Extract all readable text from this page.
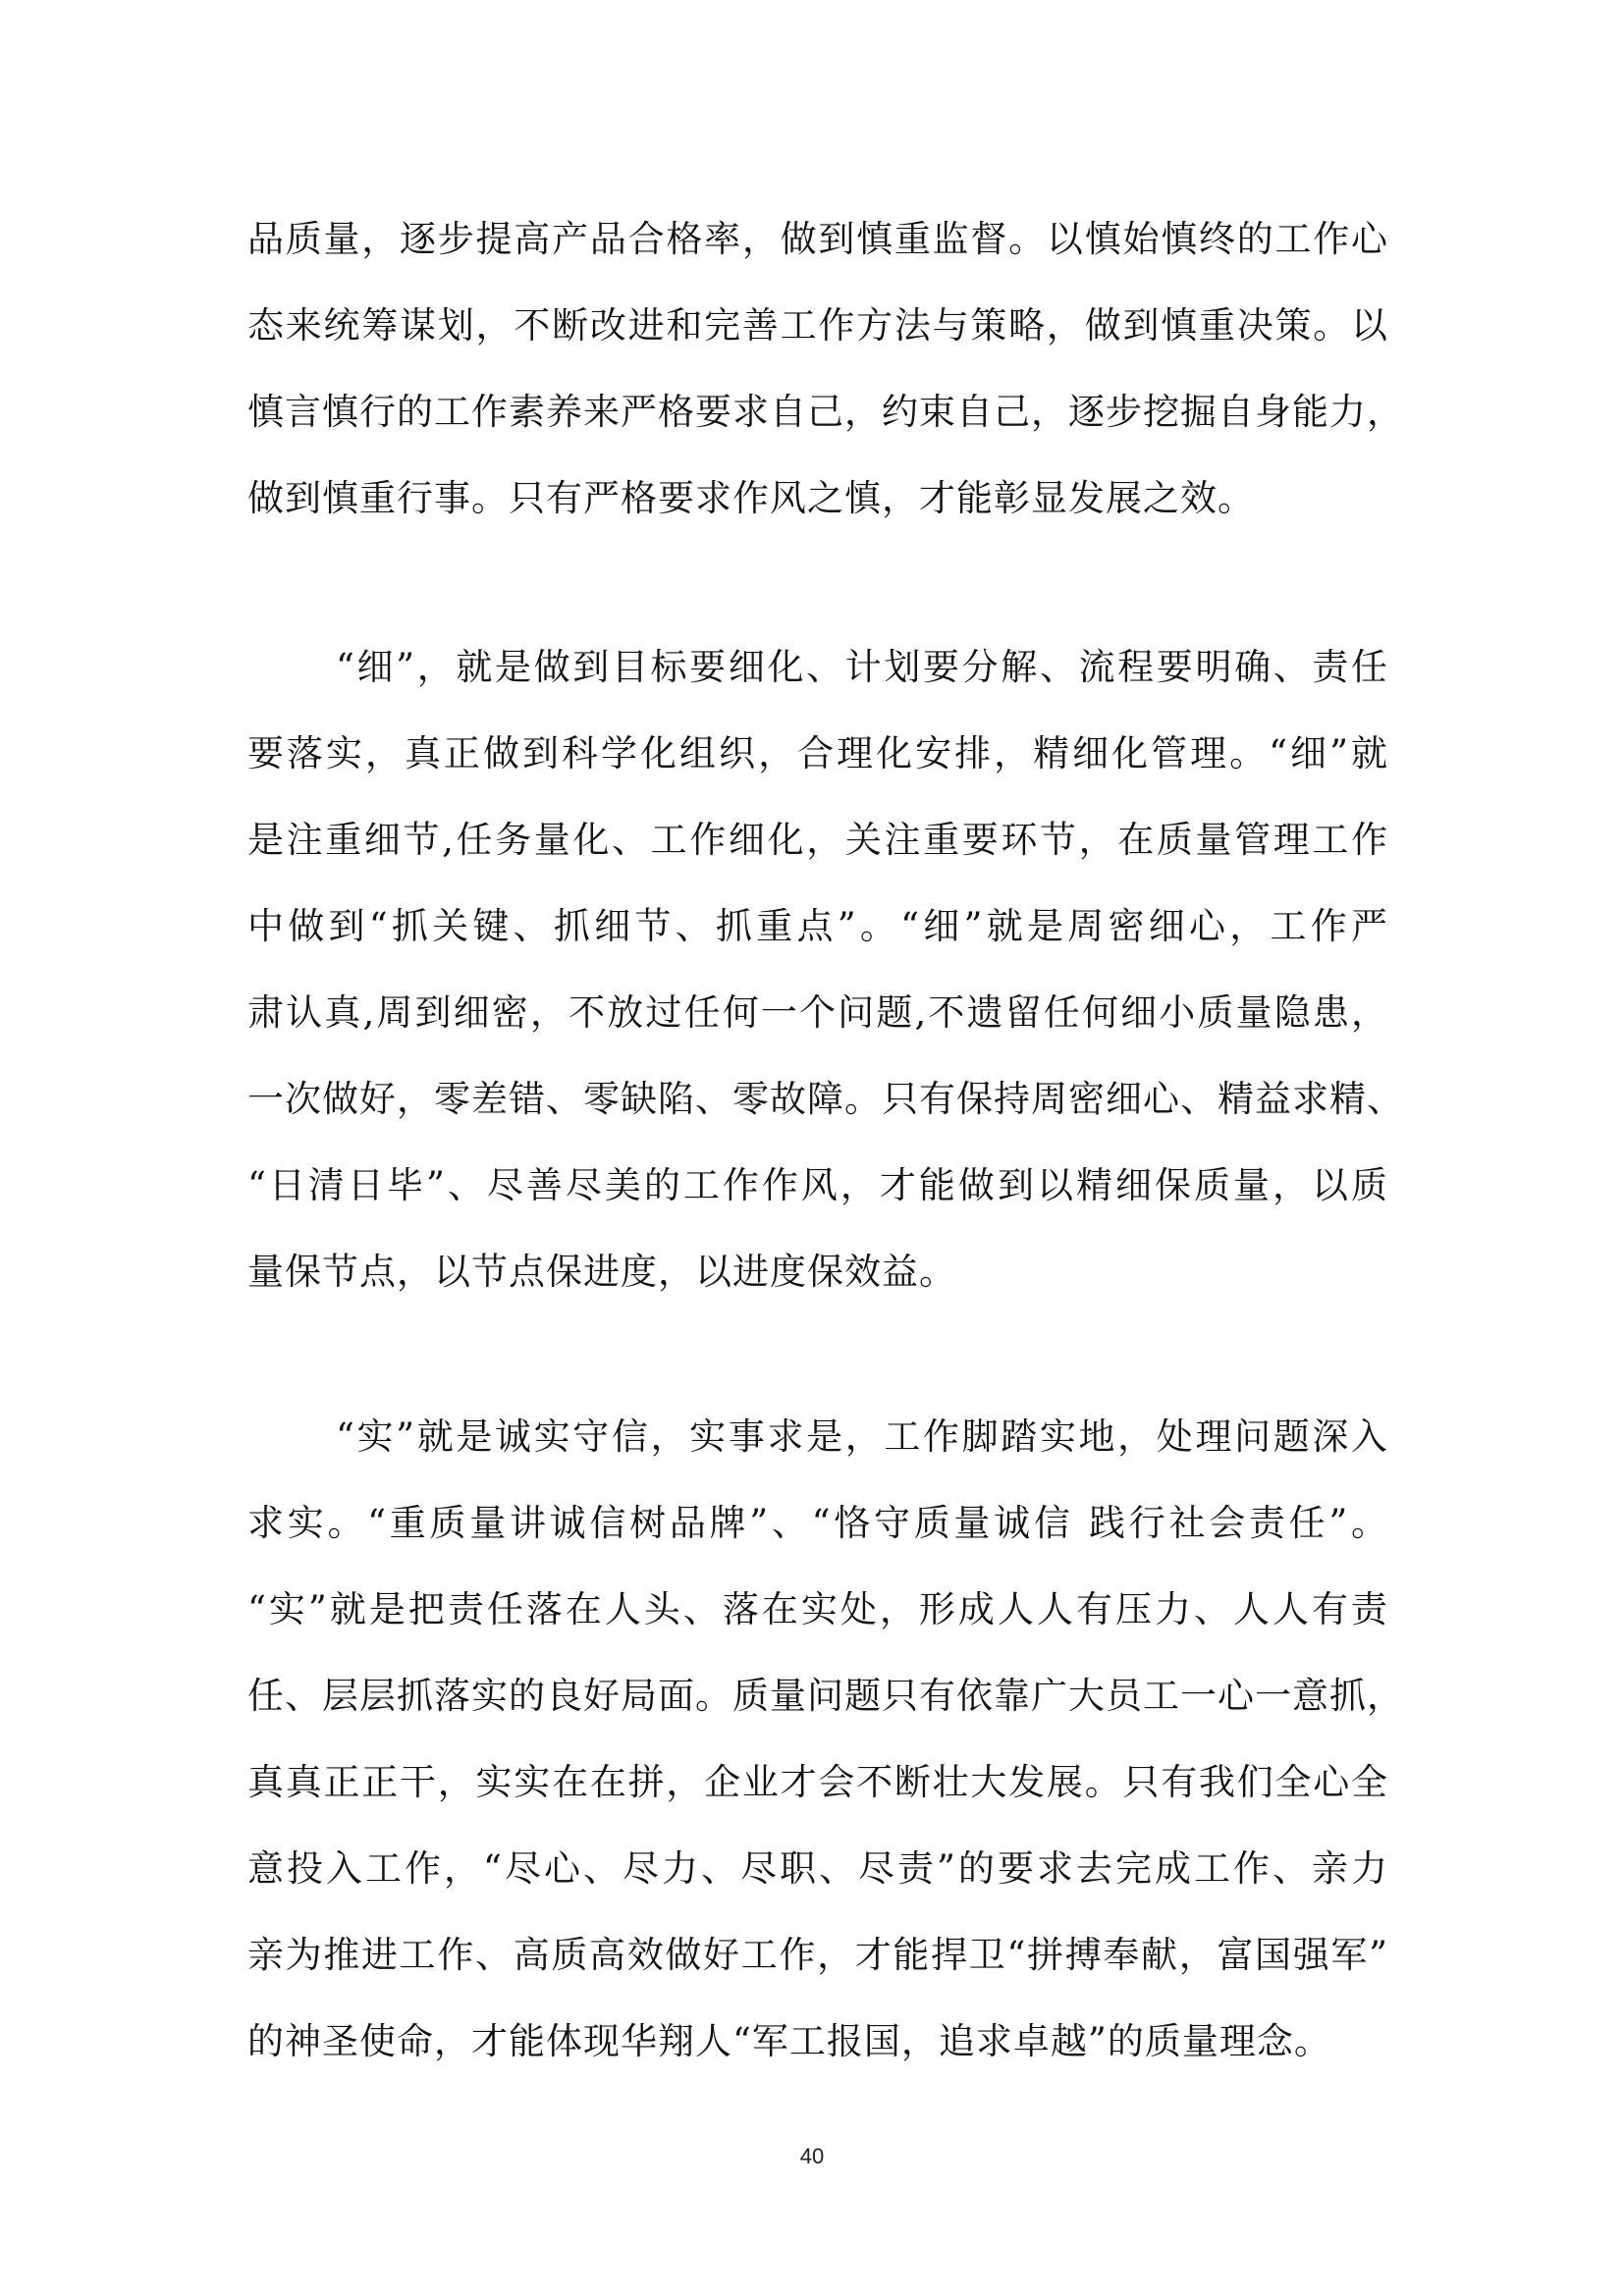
品质量，逐步提高产品合格率，做到慎重监督。以慎始慎终的工作心
态来统筹谋划，不断改进和完善工作方法与策略，做到慎重决策。以
慎言慎行的工作素养来严格要求自己，约束自己，逐步挖掘自身能力，
做到慎重行事。只有严格要求作风之慎，才能彰显发展之效。
“细”，就是做到目标要细化、计划要分解、流程要明确、责任
要落实，真正做到科学化组织，合理化安排，精细化管理。“细”就
是注重细节,任务量化、工作细化，关注重要环节，在质量管理工作
中做到“抓关键、抓细节、抓重点”。“细”就是周密细心，工作严
肃认真,周到细密，不放过任何一个问题,不遗留任何细小质量隐患，
一次做好，零差错、零缺陷、零故障。只有保持周密细心、精益求精、
“日清日毕”、尽善尽美的工作作风，才能做到以精细保质量，以质
量保节点，以节点保进度，以进度保效益。
“实”就是诚实守信，实事求是，工作脚踏实地，处理问题深入
求实。“重质量讲诚信树品牌”、“恪守质量诚信 践行社会责任”。
“实”就是把责任落在人头、落在实处，形成人人有压力、人人有责
任、层层抓落实的良好局面。质量问题只有依靠广大员工一心一意抓，
真真正正干，实实在在拼，企业才会不断壮大发展。只有我们全心全
意投入工作，“尽心、尽力、尽职、尽责”的要求去完成工作、亲力
亲为推进工作、高质高效做好工作，才能捍卫“拼搏奉献，富国强军”
的神圣使命，才能体现华翔人“军工报国，追求卓越”的质量理念。
40
